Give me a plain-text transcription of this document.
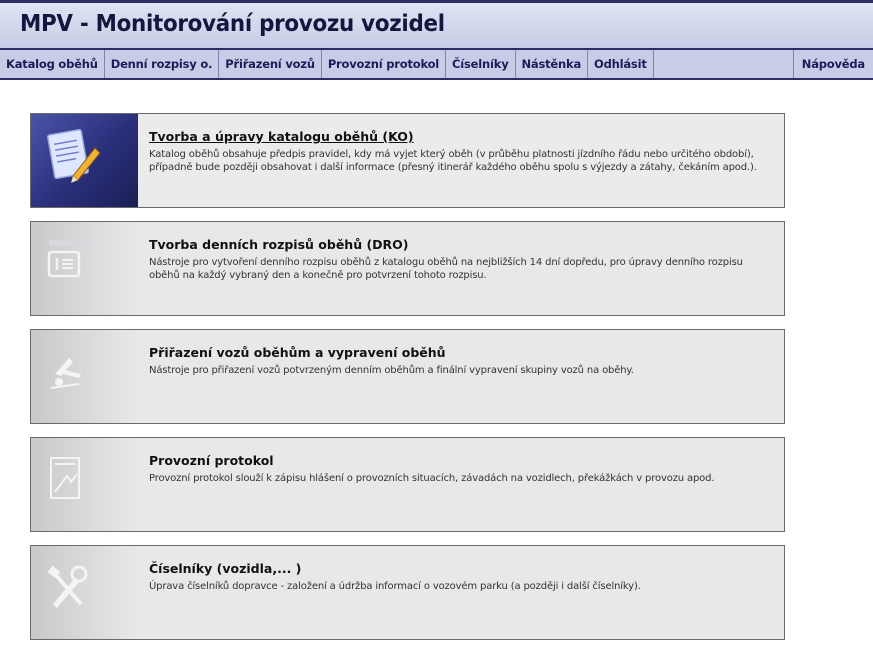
MPV - Monitorování provozu vozidel
Katalog oběhů	Denní rozpisy o.	Přiřazení vozů	Provozní protokol	Číselníky	Nástěnka	Odhlásit	Nápověda
Tvorba a úpravy katalogu oběhů (KO)
Katalog oběhů obsahuje předpis pravidel, kdy má vyjet který oběh (v průběhu platnosti jízdního řádu nebo určitého období), případně bude později obsahovat i další informace (přesný itinerář každého oběhu spolu s výjezdy a zátahy, čekáním apod.).
Tvorba denních rozpisů oběhů (DRO)
Nástroje pro vytvoření denního rozpisu oběhů z katalogu oběhů na nejbližších 14 dní dopředu, pro úpravy denního rozpisu oběhů na každý vybraný den a konečně pro potvrzení tohoto rozpisu.
Přiřazení vozů oběhům a vypravení oběhů
Nástroje pro přiřazení vozů potvrzeným denním oběhům a finální vypravení skupiny vozů na oběhy.
Provozní protokol
Provozní protokol slouží k zápisu hlášení o provozních situacích, závadách na vozidlech, překážkách v provozu apod.
Číselníky (vozidla,... )
Úprava číselníků dopravce - založení a údržba informací o vozovém parku (a později i další číselníky).
